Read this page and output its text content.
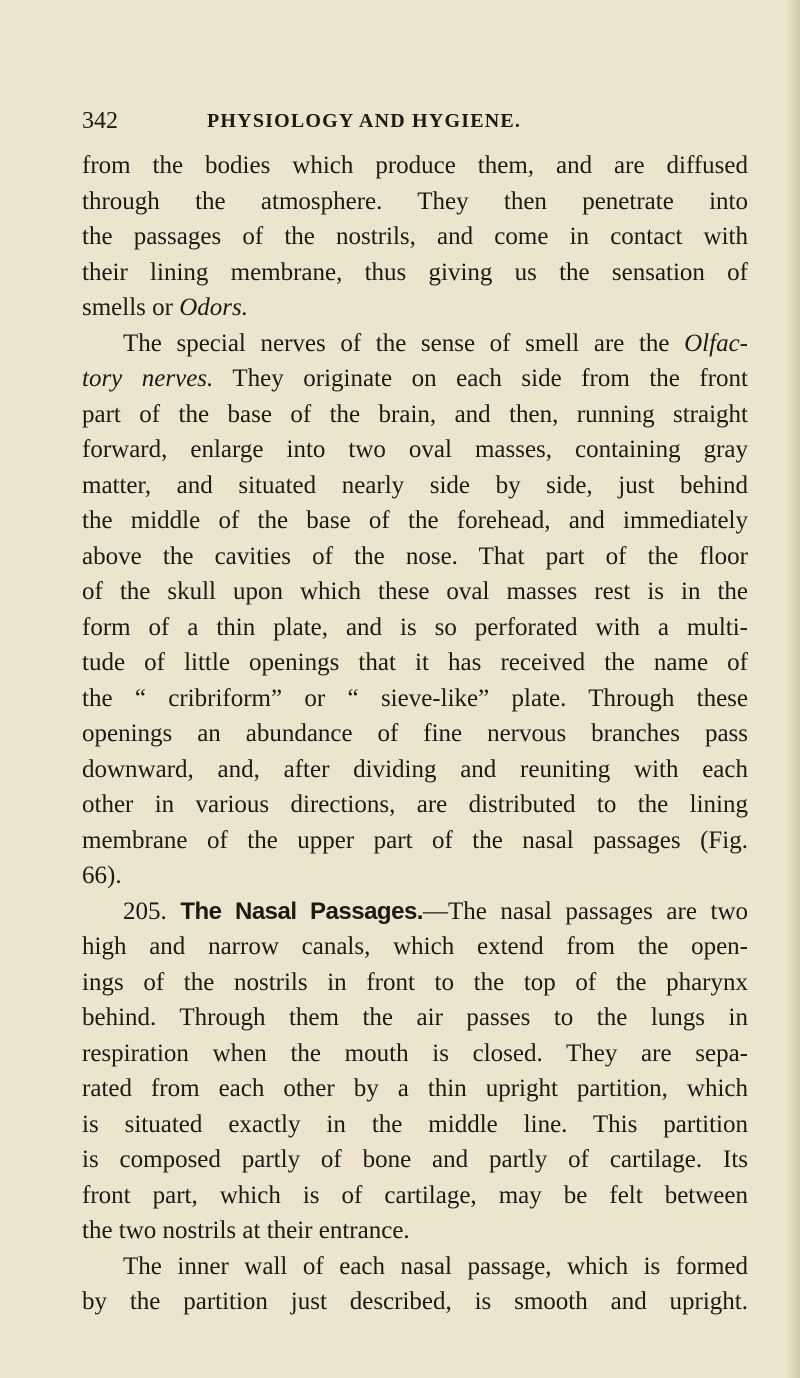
342	PHYSIOLOGY AND HYGIENE.
from the bodies which produce them, and are diffused
through the atmosphere. They then penetrate into
the passages of the nostrils, and come in contact with
their lining membrane, thus giving us the sensation of
smells or Odors.
The special nerves of the sense of smell are the Olfac-
tory nerves. They originate on each side from the front
part of the base of the brain, and then, running straight
forward, enlarge into two oval masses, containing gray
matter, and situated nearly side by side, just behind
the middle of the base of the forehead, and immediately
above the cavities of the nose. That part of the floor
of the skull upon which these oval masses rest is in the
form of a thin plate, and is so perforated with a multi-
tude of little openings that it has received the name of
the “ cribriform” or “ sieve-like” plate. Through these
openings an abundance of fine nervous branches pass
downward, and, after dividing and reuniting with each
other in various directions, are distributed to the lining
membrane of the upper part of the nasal passages (Fig.
66).
205. The Nasal Passages.—The nasal passages are two
high and narrow canals, which extend from the open-
ings of the nostrils in front to the top of the pharynx
behind. Through them the air passes to the lungs in
respiration when the mouth is closed. They are sepa-
rated from each other by a thin upright partition, which
is situated exactly in the middle line. This partition
is composed partly of bone and partly of cartilage. Its
front part, which is of cartilage, may be felt between
the two nostrils at their entrance.
The inner wall of each nasal passage, which is formed
by the partition just described, is smooth and upright.
